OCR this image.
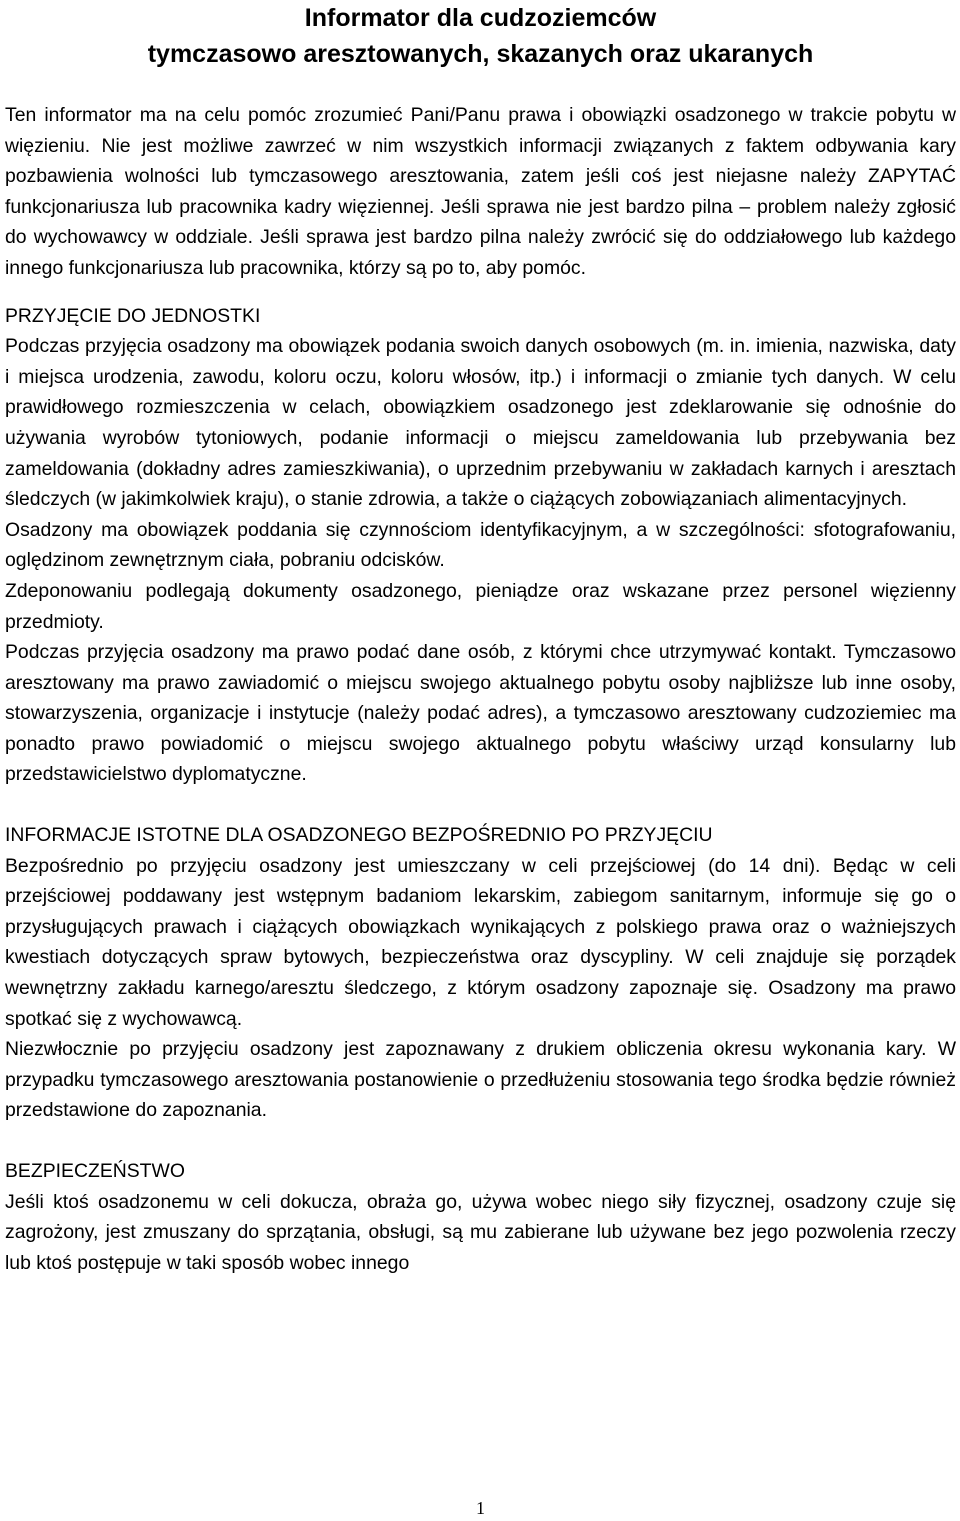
Informator dla cudzoziemców
tymczasowo aresztowanych, skazanych oraz ukaranych

Ten informator ma na celu pomóc zrozumieć Pani/Panu prawa i obowiązki osadzonego w trakcie pobytu w więzieniu. Nie jest możliwe zawrzeć w nim wszystkich informacji związanych z faktem odbywania kary pozbawienia wolności lub tymczasowego aresztowania, zatem jeśli coś jest niejasne należy ZAPYTAĆ funkcjonariusza lub pracownika kadry więziennej. Jeśli sprawa nie jest bardzo pilna – problem należy zgłosić do wychowawcy w oddziale. Jeśli sprawa jest bardzo pilna należy zwrócić się do oddziałowego lub każdego innego funkcjonariusza lub pracownika, którzy są po to, aby pomóc.

PRZYJĘCIE DO JEDNOSTKI

Podczas przyjęcia osadzony ma obowiązek podania swoich danych osobowych (m. in. imienia, nazwiska, daty i miejsca urodzenia, zawodu, koloru oczu, koloru włosów, itp.) i informacji o zmianie tych danych. W celu prawidłowego rozmieszczenia w celach, obowiązkiem osadzonego jest zdeklarowanie się odnośnie do używania wyrobów tytoniowych, podanie informacji o miejscu zameldowania lub przebywania bez zameldowania (dokładny adres zamieszkiwania), o uprzednim przebywaniu w zakładach karnych i aresztach śledczych (w jakimkolwiek kraju), o stanie zdrowia, a także o ciążących zobowiązaniach alimentacyjnych.

Osadzony ma obowiązek poddania się czynnościom identyfikacyjnym, a w szczególności: sfotografowaniu, oględzinom zewnętrznym ciała, pobraniu odcisków.

Zdeponowaniu podlegają dokumenty osadzonego, pieniądze oraz wskazane przez personel więzienny przedmioty.

Podczas przyjęcia osadzony ma prawo podać dane osób, z którymi chce utrzymywać kontakt. Tymczasowo aresztowany ma prawo zawiadomić o miejscu swojego aktualnego pobytu osoby najbliższe lub inne osoby, stowarzyszenia, organizacje i instytucje (należy podać adres), a tymczasowo aresztowany cudzoziemiec ma ponadto prawo powiadomić o miejscu swojego aktualnego pobytu właściwy urząd konsularny lub przedstawicielstwo dyplomatyczne.

INFORMACJE ISTOTNE DLA OSADZONEGO BEZPOŚREDNIO PO PRZYJĘCIU

Bezpośrednio po przyjęciu osadzony jest umieszczany w celi przejściowej (do 14 dni). Będąc w celi przejściowej poddawany jest wstępnym badaniom lekarskim, zabiegom sanitarnym, informuje się go o przysługujących prawach i ciążących obowiązkach wynikających z polskiego prawa oraz o ważniejszych kwestiach dotyczących spraw bytowych, bezpieczeństwa oraz dyscypliny. W celi znajduje się porządek wewnętrzny zakładu karnego/aresztu śledczego, z którym osadzony zapoznaje się. Osadzony ma prawo spotkać się z wychowawcą.

Niezwłocznie po przyjęciu osadzony jest zapoznawany z drukiem obliczenia okresu wykonania kary. W przypadku tymczasowego aresztowania postanowienie o przedłużeniu stosowania tego środka będzie również przedstawione do zapoznania.

BEZPIECZEŃSTWO

Jeśli ktoś osadzonemu w celi dokucza, obraża go, używa wobec niego siły fizycznej, osadzony czuje się zagrożony, jest zmuszany do sprzątania, obsługi, są mu zabierane lub używane bez jego pozwolenia rzeczy lub ktoś postępuje w taki sposób wobec innego

1
